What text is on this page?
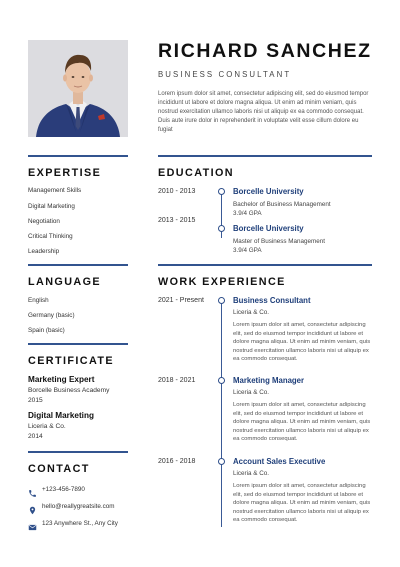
RICHARD SANCHEZ
BUSINESS CONSULTANT
Lorem ipsum dolor sit amet, consectetur adipiscing elit, sed do eiusmod tempor incididunt ut labore et dolore magna aliqua. Ut enim ad minim veniam, quis nostrud exercitation ullamco laboris nisi ut aliquip ex ea commodo consequat. Duis aute irure dolor in reprehenderit in voluptate velit esse cillum dolore eu fugiat
EXPERTISE
Management Skills
Digital Marketing
Negotiation
Critical Thinking
Leadership
LANGUAGE
English
Germany (basic)
Spain (basic)
CERTIFICATE
Marketing Expert
Borcelle Business Academy
2015
Digital Marketing
Liceria & Co.
2014
CONTACT
+123-456-7890
hello@reallygreatsite.com
123 Anywhere St., Any City
EDUCATION
2010 - 2013	Borcelle University
Bachelor of Business Management
3.9/4 GPA
2013 - 2015
Borcelle University
Master of Business Management
3.9/4 GPA
WORK EXPERIENCE
2021 - Present	Business Consultant
Liceria & Co.
Lorem ipsum dolor sit amet, consectetur adipiscing elit, sed do eiusmod tempor incididunt ut labore et dolore magna aliqua. Ut enim ad minim veniam, quis nostrud exercitation ullamco laboris nisi ut aliquip ex ea commodo consequat.
2018 - 2021	Marketing Manager
Liceria & Co.
Lorem ipsum dolor sit amet, consectetur adipiscing elit, sed do eiusmod tempor incididunt ut labore et dolore magna aliqua. Ut enim ad minim veniam, quis nostrud exercitation ullamco laboris nisi ut aliquip ex ea commodo consequat.
2016 - 2018	Account Sales Executive
Liceria & Co.
Lorem ipsum dolor sit amet, consectetur adipiscing elit, sed do eiusmod tempor incididunt ut labore et dolore magna aliqua. Ut enim ad minim veniam, quis nostrud exercitation ullamco laboris nisi ut aliquip ex ea commodo consequat.
